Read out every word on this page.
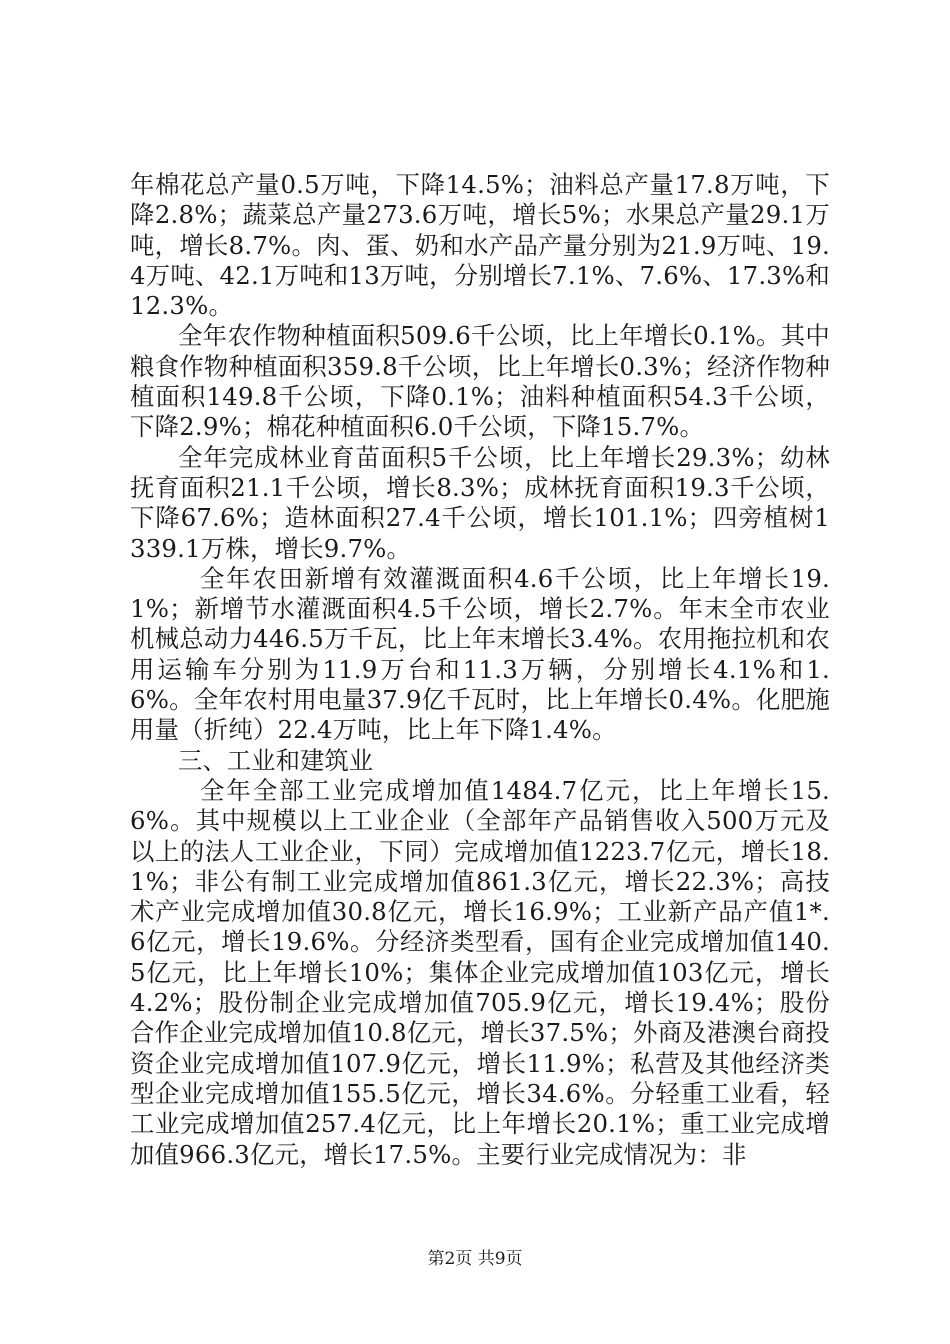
年棉花总产量0.5万吨，下降14.5%；油料总产量17.8万吨，下降2.8%；蔬菜总产量273.6万吨，增长5%；水果总产量29.1万吨，增长8.7%。肉、蛋、奶和水产品产量分别为21.9万吨、19.4万吨、42.1万吨和13万吨，分别增长7.1%、7.6%、17.3%和12.3%。

全年农作物种植面积509.6千公顷，比上年增长0.1%。其中粮食作物种植面积359.8千公顷，比上年增长0.3%；经济作物种植面积149.8千公顷，下降0.1%；油料种植面积54.3千公顷，下降2.9%；棉花种植面积6.0千公顷，下降15.7%。

全年完成林业育苗面积5千公顷，比上年增长29.3%；幼林抚育面积21.1千公顷，增长8.3%；成林抚育面积19.3千公顷，下降67.6%；造林面积27.4千公顷，增长101.1%；四旁植树1339.1万株，增长9.7%。

全年农田新增有效灌溉面积4.6千公顷，比上年增长19.1%；新增节水灌溉面积4.5千公顷，增长2.7%。年末全市农业机械总动力446.5万千瓦，比上年末增长3.4%。农用拖拉机和农用运输车分别为11.9万台和11.3万辆，分别增长4.1%和1.6%。全年农村用电量37.9亿千瓦时，比上年增长0.4%。化肥施用量（折纯）22.4万吨，比上年下降1.4%。

三、工业和建筑业

全年全部工业完成增加值1484.7亿元，比上年增长15.6%。其中规模以上工业企业（全部年产品销售收入500万元及以上的法人工业企业，下同）完成增加值1223.7亿元，增长18.1%；非公有制工业完成增加值861.3亿元，增长22.3%；高技术产业完成增加值30.8亿元，增长16.9%；工业新产品产值1*.6亿元，增长19.6%。分经济类型看，国有企业完成增加值140.5亿元，比上年增长10%；集体企业完成增加值103亿元，增长4.2%；股份制企业完成增加值705.9亿元，增长19.4%；股份合作企业完成增加值10.8亿元，增长37.5%；外商及港澳台商投资企业完成增加值107.9亿元，增长11.9%；私营及其他经济类型企业完成增加值155.5亿元，增长34.6%。分轻重工业看，轻工业完成增加值257.4亿元，比上年增长20.1%；重工业完成增加值966.3亿元，增长17.5%。主要行业完成情况为：非

第2页 共9页
